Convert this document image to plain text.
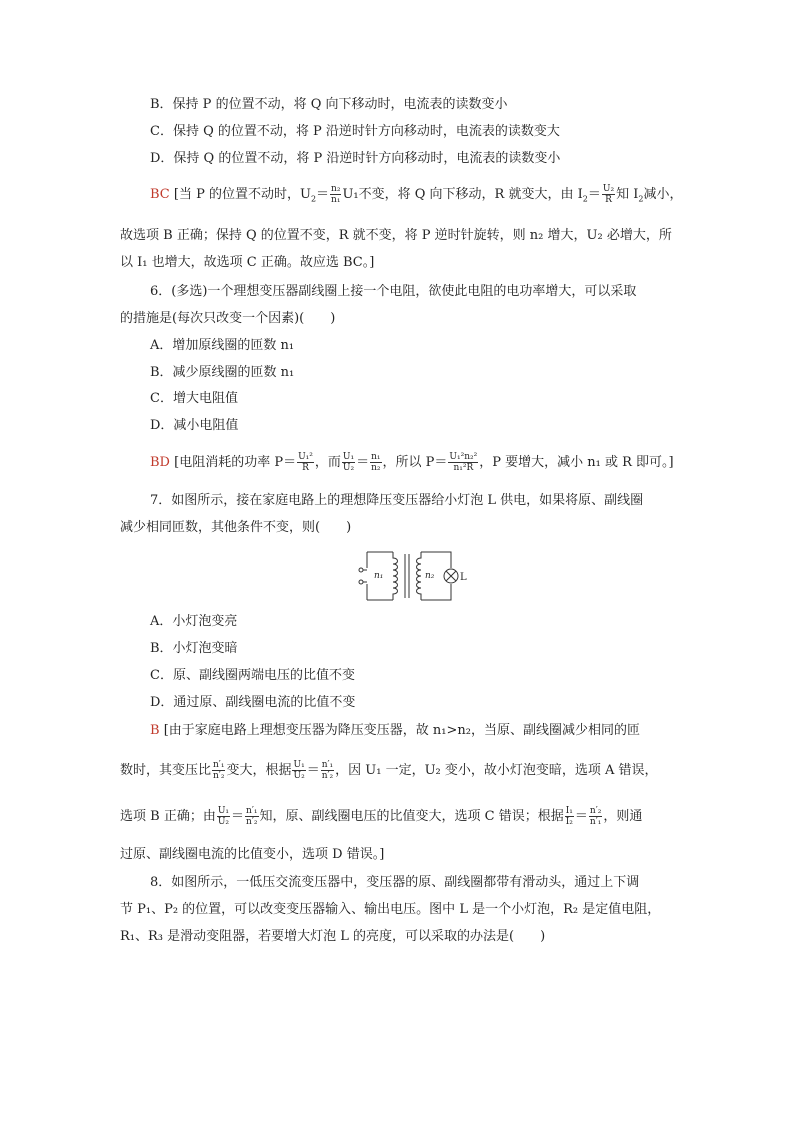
B．保持 P 的位置不动，将 Q 向下移动时，电流表的读数变小
C．保持 Q 的位置不动，将 P 沿逆时针方向移动时，电流表的读数变大
D．保持 Q 的位置不动，将 P 沿逆时针方向移动时，电流表的读数变小
BC [当 P 的位置不动时，$U_2= \frac{\text{n₂}}{\text{n₁}} U_1$不变，将 Q 向下移动，R 就变大，由 $I_2= \frac{\text{U₂}}{R}$ 知 $I_2$减小，
故选项 B 正确；保持 Q 的位置不变，R 就不变，将 P 逆时针旋转，则 n₂ 增大，U₂ 必增大，所
以 I₁ 也增大，故选项 C 正确。故应选 BC。]
6．(多选)一个理想变压器副线圈上接一个电阻，欲使此电阻的电功率增大，可以采取
的措施是(每次只改变一个因素)(　　)
A．增加原线圈的匝数 n₁
B．减少原线圈的匝数 n₁
C．增大电阻值
D．减小电阻值
BD [电阻消耗的功率 $P= \frac{\text{U₁²}}{R}$ ，而 $\frac{\text{U₁}}{\text{U₂}} = \frac{\text{n₁}}{\text{n₂}}$ ，所以 $P= \frac{\text{U₁²n₂²}}{\text{n₁²R}}$ ，P 要增大，减小 n₁ 或 R 即可。]
7．如图所示，接在家庭电路上的理想降压变压器给小灯泡 L 供电，如果将原、副线圈
减少相同匝数，其他条件不变，则(　　)
n₁	n₂	L
A．小灯泡变亮
B．小灯泡变暗
C．原、副线圈两端电压的比值不变
D．通过原、副线圈电流的比值不变
B [由于家庭电路上理想变压器为降压变压器，故 n₁>n₂，当原、副线圈减少相同的匝
数时，其变压比 $\frac{\text{n′₁}}{\text{n′₂}}$ 变大，根据 $\frac{\text{U₁}}{\text{U₂}} = \frac{\text{n′₁}}{\text{n′₂}}$ ，因 U₁ 一定，U₂ 变小，故小灯泡变暗，选项 A 错误，
选项 B 正确；由 $\frac{\text{U₁}}{\text{U₂}} = \frac{\text{n′₁}}{\text{n′₂}}$ 知，原、副线圈电压的比值变大，选项 C 错误；根据 $\frac{\text{I₁}}{\text{I₂}} = \frac{\text{n′₂}}{\text{n′₁}}$ ，则通
过原、副线圈电流的比值变小，选项 D 错误。]
8．如图所示，一低压交流变压器中，变压器的原、副线圈都带有滑动头，通过上下调
节 P₁、P₂ 的位置，可以改变变压器输入、输出电压。图中 L 是一个小灯泡，R₂ 是定值电阻，
R₁、R₃ 是滑动变阻器，若要增大灯泡 L 的亮度，可以采取的办法是(　　)
